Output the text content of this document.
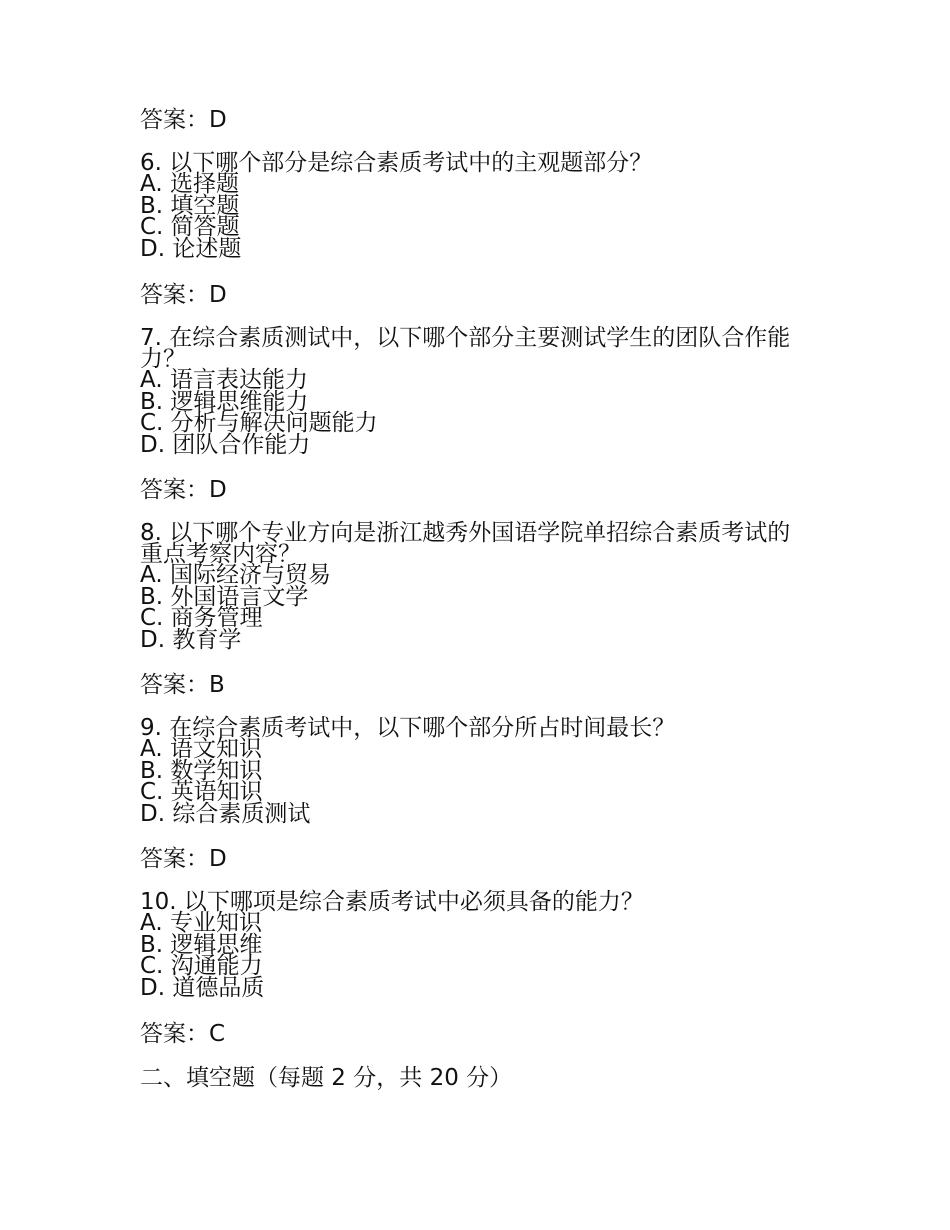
答案：D

6. 以下哪个部分是综合素质考试中的主观题部分？

A. 选择题

B. 填空题

C. 简答题

D. 论述题

答案：D

7. 在综合素质测试中，以下哪个部分主要测试学生的团队合作能力？

A. 语言表达能力

B. 逻辑思维能力

C. 分析与解决问题能力

D. 团队合作能力

答案：D

8. 以下哪个专业方向是浙江越秀外国语学院单招综合素质考试的重点考察内容？

A. 国际经济与贸易

B. 外国语言文学

C. 商务管理

D. 教育学

答案：B

9. 在综合素质考试中，以下哪个部分所占时间最长？

A. 语文知识

B. 数学知识

C. 英语知识

D. 综合素质测试

答案：D

10. 以下哪项是综合素质考试中必须具备的能力？

A. 专业知识

B. 逻辑思维

C. 沟通能力

D. 道德品质

答案：C
二、填空题（每题 2 分，共 20 分）
